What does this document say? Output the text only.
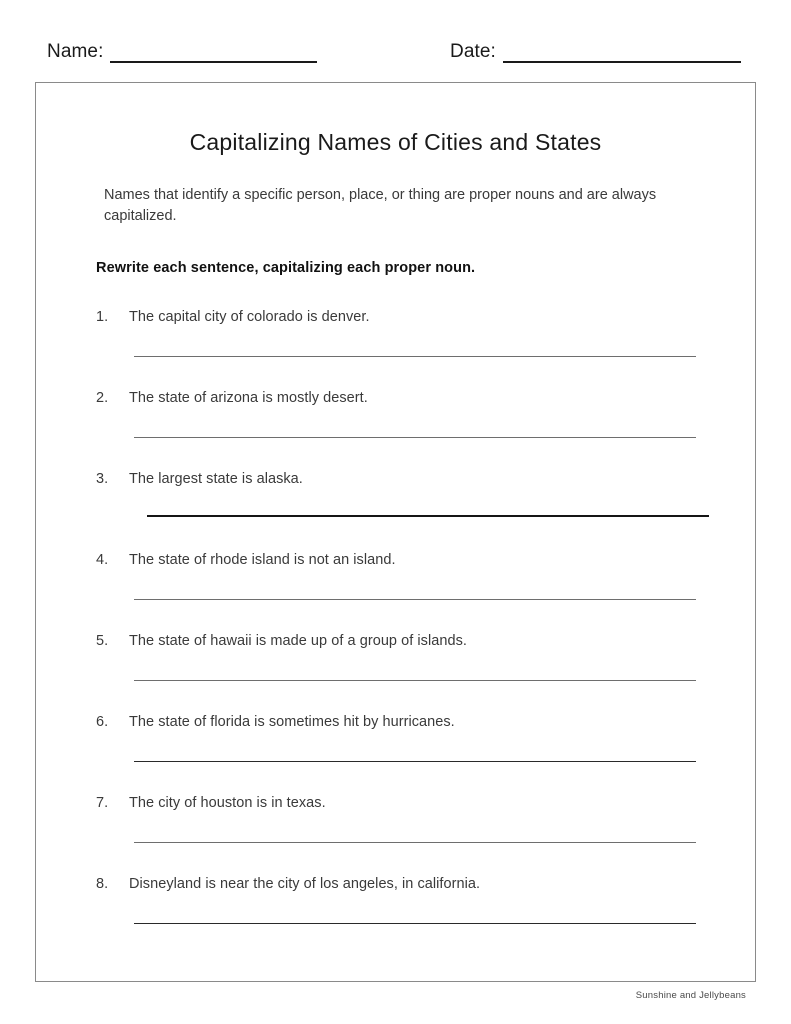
Name:	Date:
Capitalizing Names of Cities and States
Names that identify a specific person, place, or thing are proper nouns and are always capitalized.
Rewrite each sentence, capitalizing each proper noun.
1.	The capital city of colorado is denver.
2.	The state of arizona is mostly desert.
3.	The largest state is alaska.
4.	The state of rhode island is not an island.
5.	The state of hawaii is made up of a group of islands.
6.	The state of florida is sometimes hit by hurricanes.
7.	The city of houston is in texas.
8.	Disneyland is near the city of los angeles, in california.
Sunshine and Jellybeans
